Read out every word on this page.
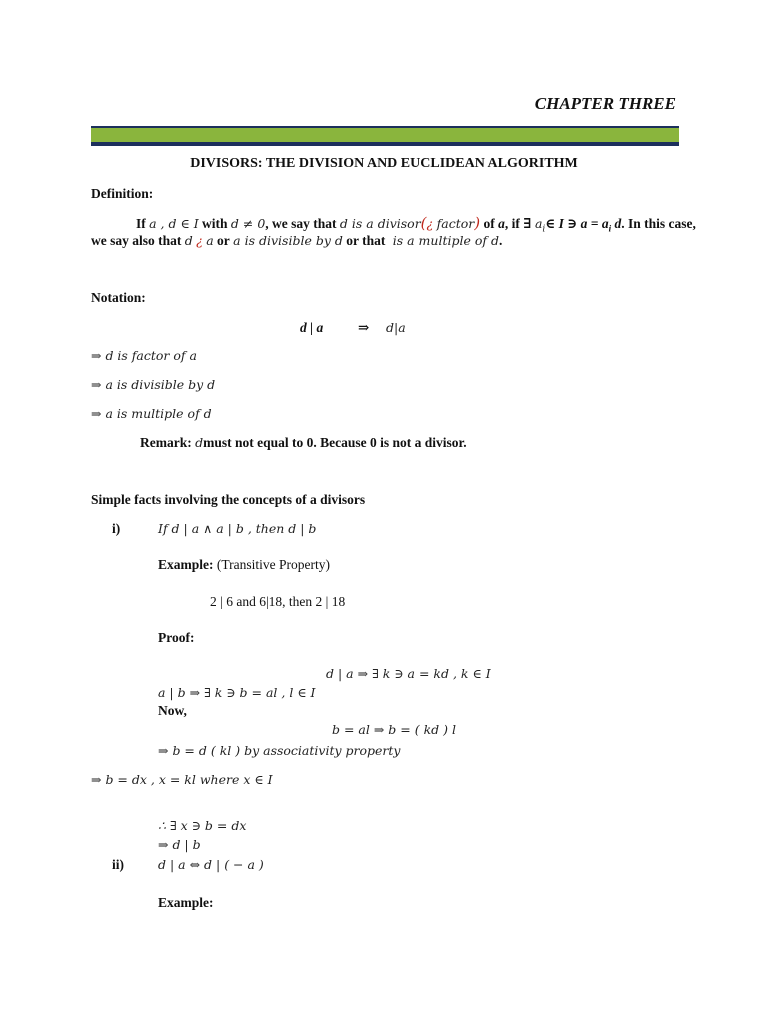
CHAPTER THREE
DIVISORS: THE DIVISION AND EUCLIDEAN ALGORITHM
Definition:
If a , d ∈ I with d ≠ 0, we say that d is a divisor(¿ factor) of a, if ∃ $a_i\in$ I ∋ $a = a_i$ d. In this case,
we say also that d ¿ a or a is divisible by d or that is a multiple of d.
Notation:
d | a	⇒ d|a
⇒ d is factor of a
⇒ a is divisible by d
⇒ a is multiple of d
Remark: dmust not equal to 0. Because 0 is not a divisor.
Simple facts involving the concepts of a divisors
i)	If d | a ∧ a | b , then d | b
Example: (Transitive Property)
2 | 6 and 6|18, then 2 | 18
Proof:
d | a ⇒ ∃ k ∋ a = kd , k ∈ I
a | b ⇒ ∃ k ∋ b = al , l ∈ I
Now,
b = al ⇒ b = ( kd ) l
⇒ b = d ( kl ) by associativity property
⇒ b = dx , x = kl where x ∈ I
∴ ∃ x ∋ b = dx
⇒ d | b
ii)	d | a ⇔ d | ( − a )
Example:
